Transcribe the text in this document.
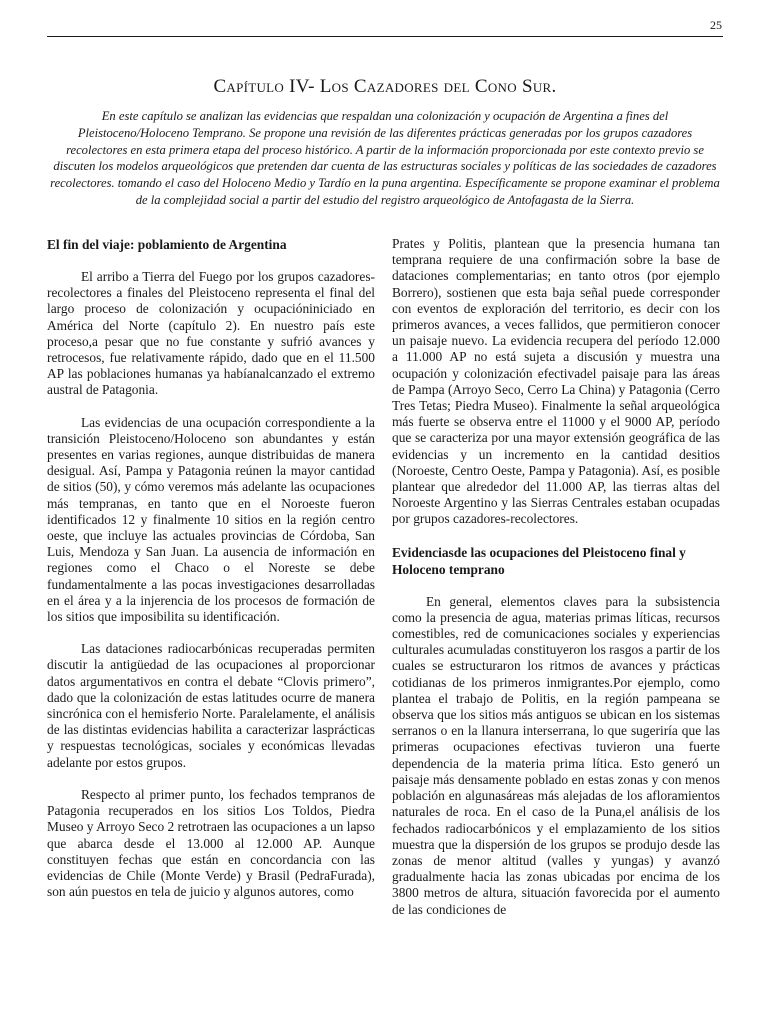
25
Capítulo IV- Los Cazadores del Cono Sur.

En este capítulo se analizan las evidencias que respaldan una colonización y ocupación de Argentina a fines del Pleistoceno/Holoceno Temprano. Se propone una revisión de las diferentes prácticas generadas por los grupos cazadores recolectores en esta primera etapa del proceso histórico. A partir de la información proporcionada por este contexto previo se discuten los modelos arqueológicos que pretenden dar cuenta de las estructuras sociales y políticas de las sociedades de cazadores recolectores. tomando el caso del Holoceno Medio y Tardío en la puna argentina. Específicamente se propone examinar el problema de la complejidad social a partir del estudio del registro arqueológico de Antofagasta de la Sierra.

El fin del viaje: poblamiento de Argentina

El arribo a Tierra del Fuego por los grupos cazadores-recolectores a finales del Pleistoceno representa el final del largo proceso de colonización y ocupacióniniciado en América del Norte (capítulo 2). En nuestro país este proceso,a pesar que no fue constante y sufrió avances y retrocesos, fue relativamente rápido, dado que en el 11.500 AP las poblaciones humanas ya habíanalcanzado el extremo austral de Patagonia.

Las evidencias de una ocupación correspondiente a la transición Pleistoceno/Holoceno son abundantes y están presentes en varias regiones, aunque distribuidas de manera desigual. Así, Pampa y Patagonia reúnen la mayor cantidad de sitios (50), y cómo veremos más adelante las ocupaciones más tempranas, en tanto que en el Noroeste fueron identificados 12 y finalmente 10 sitios en la región centro oeste, que incluye las actuales provincias de Córdoba, San Luis, Mendoza y San Juan. La ausencia de información en regiones como el Chaco o el Noreste se debe fundamentalmente a las pocas investigaciones desarrolladas en el área y a la injerencia de los procesos de formación de los sitios que imposibilita su identificación.

Las dataciones radiocarbónicas recuperadas permiten discutir la antigüedad de las ocupaciones al proporcionar datos argumentativos en contra el debate “Clovis primero”, dado que la colonización de estas latitudes ocurre de manera sincrónica con el hemisferio Norte. Paralelamente, el análisis de las distintas evidencias habilita a caracterizar lasprácticas y respuestas tecnológicas, sociales y económicas llevadas adelante por estos grupos.

Respecto al primer punto, los fechados tempranos de Patagonia recuperados en los sitios Los Toldos, Piedra Museo y Arroyo Seco 2 retrotraen las ocupaciones a un lapso que abarca desde el 13.000 al 12.000 AP. Aunque constituyen fechas que están en concordancia con las evidencias de Chile (Monte Verde) y Brasil (PedraFurada), son aún puestos en tela de juicio y algunos autores, como

Prates y Politis, plantean que la presencia humana tan temprana requiere de una confirmación sobre la base de dataciones complementarias; en tanto otros (por ejemplo Borrero), sostienen que esta baja señal puede corresponder con eventos de exploración del territorio, es decir con los primeros avances, a veces fallidos, que permitieron conocer un paisaje nuevo. La evidencia recupera del período 12.000 a 11.000 AP no está sujeta a discusión y muestra una ocupación y colonización efectivadel paisaje para las áreas de Pampa (Arroyo Seco, Cerro La China) y Patagonia (Cerro Tres Tetas; Piedra Museo). Finalmente la señal arqueológica más fuerte se observa entre el 11000 y el 9000 AP, período que se caracteriza por una mayor extensión geográfica de las evidencias y un incremento en la cantidad desitios (Noroeste, Centro Oeste, Pampa y Patagonia). Así, es posible plantear que alrededor del 11.000 AP, las tierras altas del Noroeste Argentino y las Sierras Centrales estaban ocupadas por grupos cazadores-recolectores.

Evidenciasde las ocupaciones del Pleistoceno final y Holoceno temprano

En general, elementos claves para la subsistencia como la presencia de agua, materias primas líticas, recursos comestibles, red de comunicaciones sociales y experiencias culturales acumuladas constituyeron los rasgos a partir de los cuales se estructuraron los ritmos de avances y prácticas cotidianas de los primeros inmigrantes.Por ejemplo, como plantea el trabajo de Politis, en la región pampeana se observa que los sitios más antiguos se ubican en los sistemas serranos o en la llanura interserrana, lo que sugeriría que las primeras ocupaciones efectivas tuvieron una fuerte dependencia de la materia prima lítica. Esto generó un paisaje más densamente poblado en estas zonas y con menos población en algunasáreas más alejadas de los afloramientos naturales de roca. En el caso de la Puna,el análisis de los fechados radiocarbónicos y el emplazamiento de los sitios muestra que la dispersión de los grupos se produjo desde las zonas de menor altitud (valles y yungas) y avanzó gradualmente hacia las zonas ubicadas por encima de los 3800 metros de altura, situación favorecida por el aumento de las condiciones de
